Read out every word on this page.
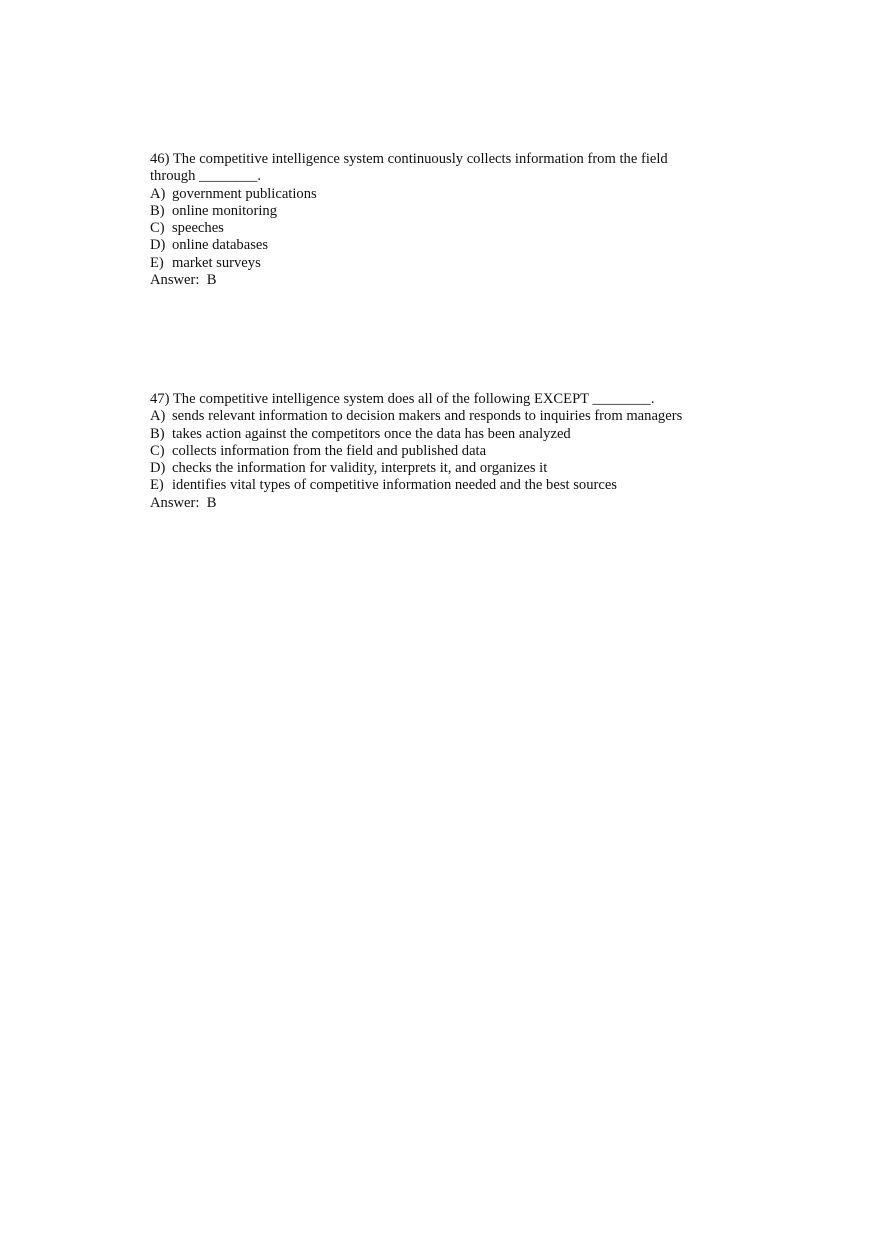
46) The competitive intelligence system continuously collects information from the field
through ________.

A) government publications
B) online monitoring
C) speeches
D) online databases
E) market surveys

Answer: B

47) The competitive intelligence system does all of the following EXCEPT ________.

A) sends relevant information to decision makers and responds to inquiries from managers
B) takes action against the competitors once the data has been analyzed
C) collects information from the field and published data
D) checks the information for validity, interprets it, and organizes it
E) identifies vital types of competitive information needed and the best sources

Answer: B
